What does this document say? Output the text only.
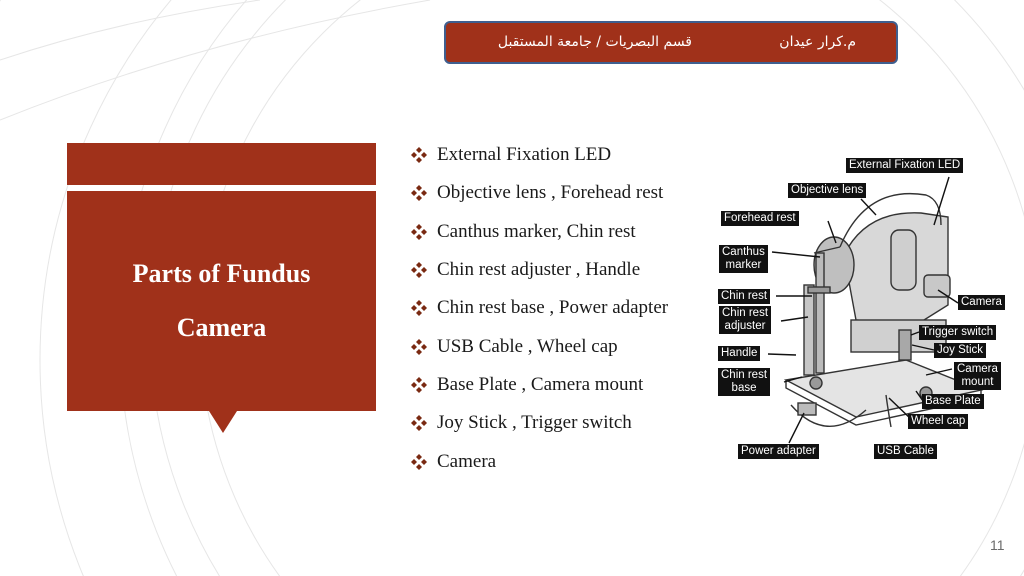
م.كرار عيدان
قسم البصريات / جامعة المستقبل
Parts of Fundus
Camera
External Fixation LED
Objective lens , Forehead rest
Canthus marker, Chin rest
Chin rest adjuster , Handle
Chin rest base , Power adapter
USB Cable , Wheel cap
Base Plate , Camera mount
Joy Stick , Trigger switch
Camera
External Fixation LED
Objective lens
Forehead rest
Canthus
marker
Chin rest
Chin rest
adjuster
Handle
Chin rest
base
Camera
Trigger switch
Joy Stick
Camera
mount
Base Plate
Wheel cap
Power adapter	USB Cable
11
